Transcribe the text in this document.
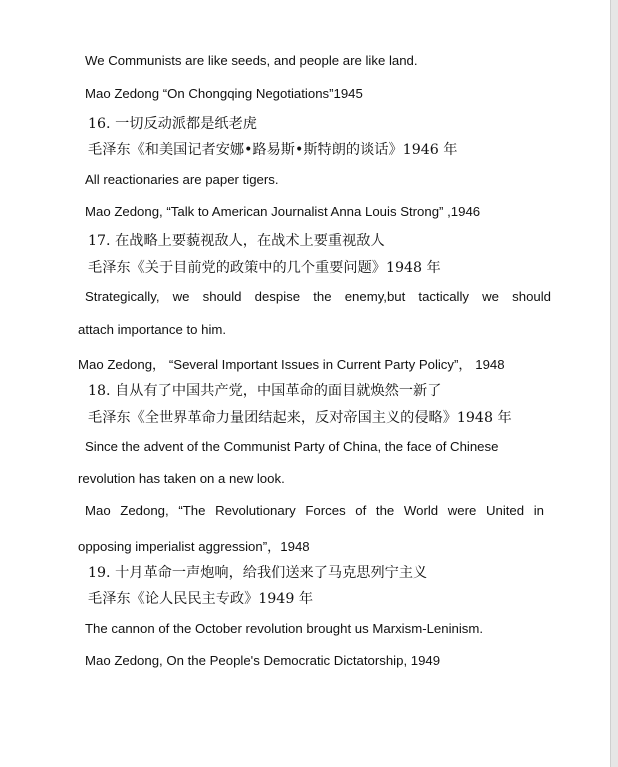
We Communists are like seeds, and people are like land.
Mao Zedong “On Chongqing Negotiations”1945
16. 一切反动派都是纸老虎
毛泽东《和美国记者安娜•路易斯•斯特朗的谈话》1946 年
All reactionaries are paper tigers.
Mao Zedong, “Talk to American Journalist Anna Louis Strong” ,1946
17. 在战略上要藐视敌人，在战术上要重视敌人
毛泽东《关于目前党的政策中的几个重要问题》1948 年
Strategically, we should despise the enemy,but tactically we should
attach importance to him.
Mao Zedong， “Several Important Issues in Current Party Policy”， 1948
18. 自从有了中国共产党，中国革命的面目就焕然一新了
毛泽东《全世界革命力量团结起来，反对帝国主义的侵略》1948 年
Since the advent of the Communist Party of China, the face of Chinese
revolution has taken on a new look.
Mao Zedong, “The Revolutionary Forces of the World were United in
opposing imperialist aggression”，1948
19. 十月革命一声炮响，给我们送来了马克思列宁主义
毛泽东《论人民民主专政》1949 年
The cannon of the October revolution brought us Marxism-Leninism.
Mao Zedong, On the People's Democratic Dictatorship, 1949
